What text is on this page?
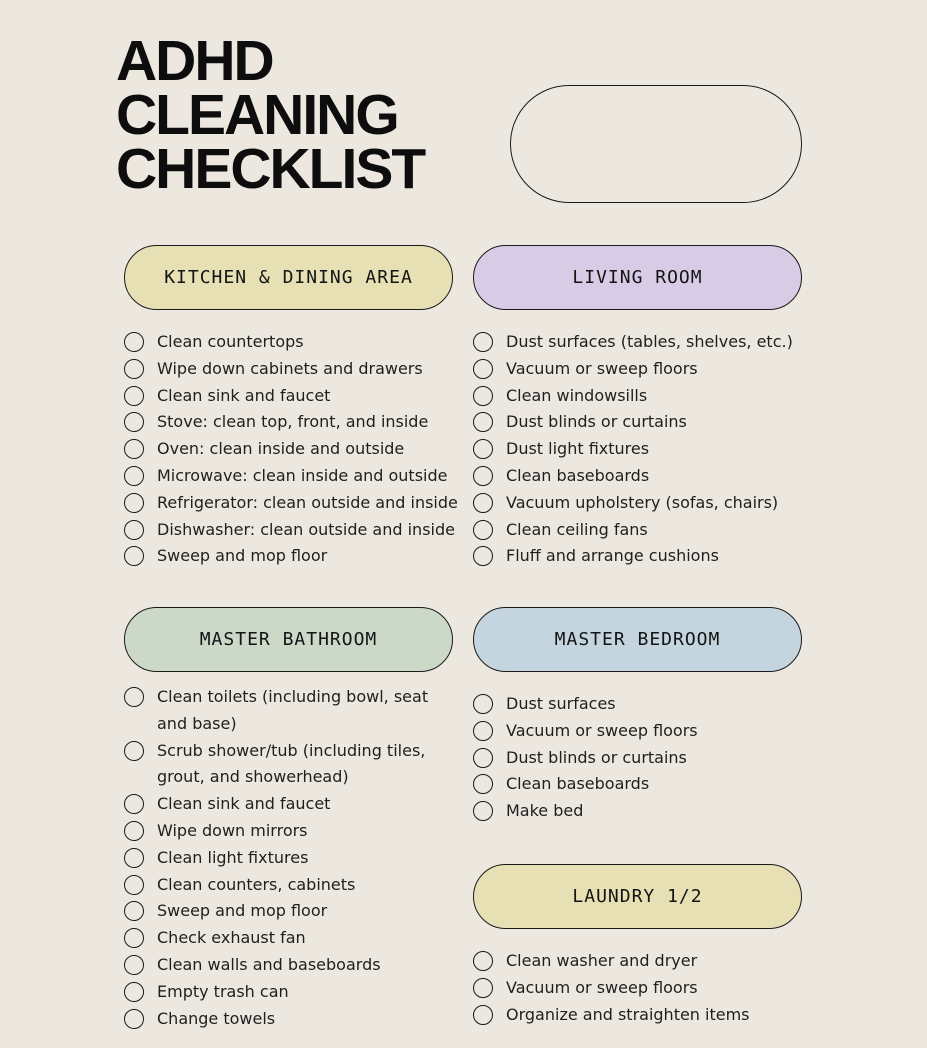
ADHD
CLEANING
CHECKLIST
KITCHEN & DINING AREA
Clean countertops
Wipe down cabinets and drawers
Clean sink and faucet
Stove: clean top, front, and inside
Oven: clean inside and outside
Microwave: clean inside and outside
Refrigerator: clean outside and inside
Dishwasher: clean outside and inside
Sweep and mop floor
LIVING ROOM
Dust surfaces (tables, shelves, etc.)
Vacuum or sweep floors
Clean windowsills
Dust blinds or curtains
Dust light fixtures
Clean baseboards
Vacuum upholstery (sofas, chairs)
Clean ceiling fans
Fluff and arrange cushions
MASTER BATHROOM
Clean toilets (including bowl, seat and base)
Scrub shower/tub (including tiles, grout, and showerhead)
Clean sink and faucet
Wipe down mirrors
Clean light fixtures
Clean counters, cabinets
Sweep and mop floor
Check exhaust fan
Clean walls and baseboards
Empty trash can
Change towels
MASTER BEDROOM
Dust surfaces
Vacuum or sweep floors
Dust blinds or curtains
Clean baseboards
Make bed
LAUNDRY 1/2
Clean washer and dryer
Vacuum or sweep floors
Organize and straighten items
